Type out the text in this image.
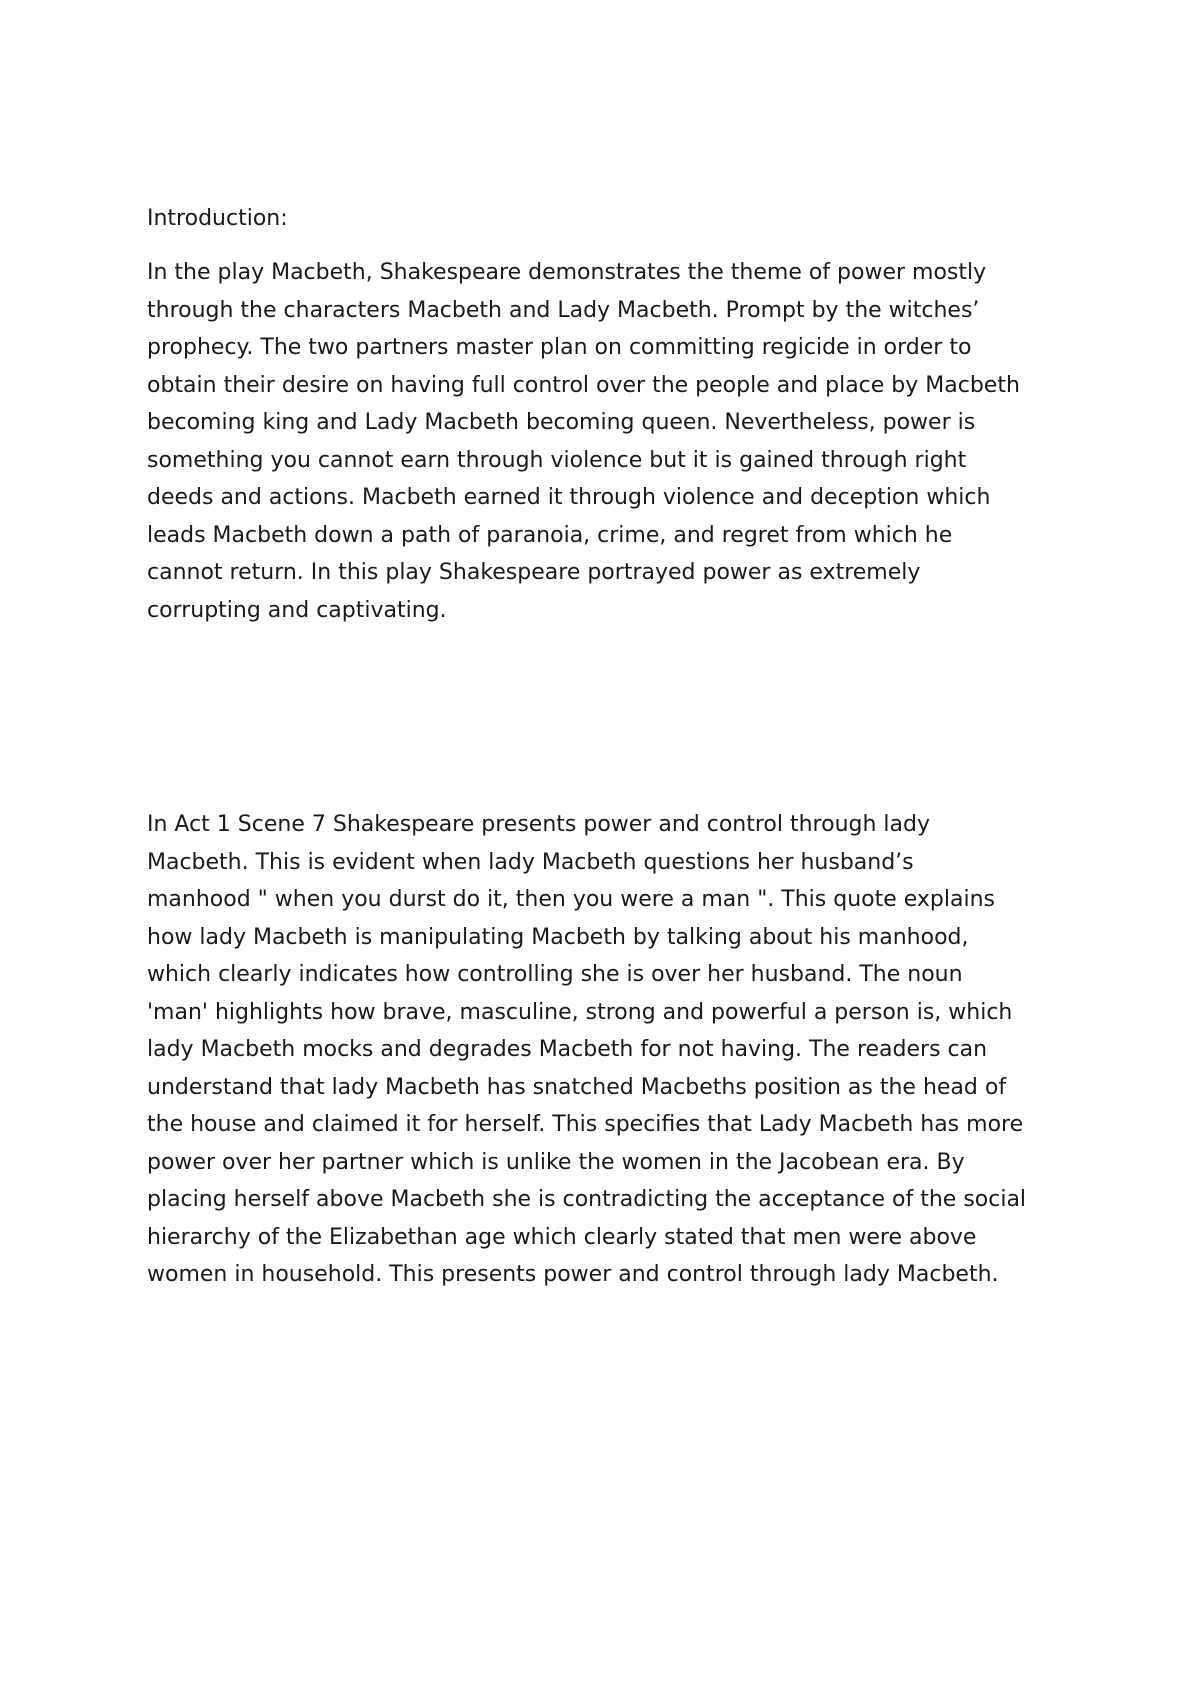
Introduction:

In the play Macbeth, Shakespeare demonstrates the theme of power mostly
through the characters Macbeth and Lady Macbeth. Prompt by the witches’
prophecy. The two partners master plan on committing regicide in order to
obtain their desire on having full control over the people and place by Macbeth
becoming king and Lady Macbeth becoming queen. Nevertheless, power is
something you cannot earn through violence but it is gained through right
deeds and actions. Macbeth earned it through violence and deception which
leads Macbeth down a path of paranoia, crime, and regret from which he
cannot return. In this play Shakespeare portrayed power as extremely
corrupting and captivating.
In Act 1 Scene 7 Shakespeare presents power and control through lady
Macbeth. This is evident when lady Macbeth questions her husband’s
manhood " when you durst do it, then you were a man ". This quote explains
how lady Macbeth is manipulating Macbeth by talking about his manhood,
which clearly indicates how controlling she is over her husband. The noun
'man' highlights how brave, masculine, strong and powerful a person is, which
lady Macbeth mocks and degrades Macbeth for not having. The readers can
understand that lady Macbeth has snatched Macbeths position as the head of
the house and claimed it for herself. This specifies that Lady Macbeth has more
power over her partner which is unlike the women in the Jacobean era. By
placing herself above Macbeth she is contradicting the acceptance of the social
hierarchy of the Elizabethan age which clearly stated that men were above
women in household. This presents power and control through lady Macbeth.
